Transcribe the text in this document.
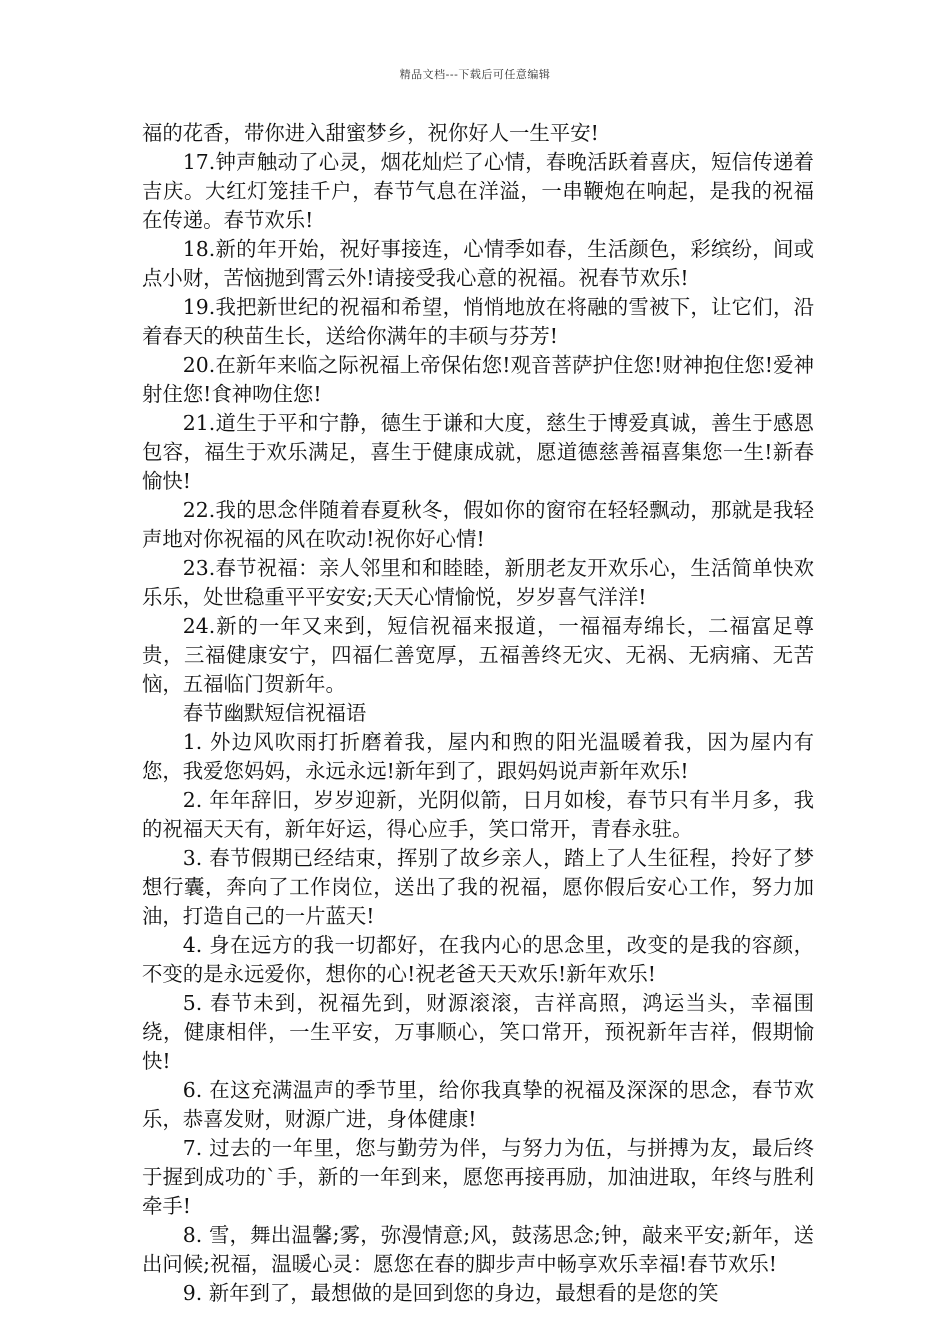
精品文档---下载后可任意编辑

福的花香，带你进入甜蜜梦乡，祝你好人一生平安!

17.钟声触动了心灵，烟花灿烂了心情，春晚活跃着喜庆，短信传递着吉庆。大红灯笼挂千户，春节气息在洋溢，一串鞭炮在响起，是我的祝福在传递。春节欢乐!

18.新的年开始，祝好事接连，心情季如春，生活颜色，彩缤纷，间或点小财，苦恼抛到霄云外!请接受我心意的祝福。祝春节欢乐!

19.我把新世纪的祝福和希望，悄悄地放在将融的雪被下，让它们，沿着春天的秧苗生长，送给你满年的丰硕与芬芳!

20.在新年来临之际祝福上帝保佑您!观音菩萨护住您!财神抱住您!爱神射住您!食神吻住您!

21.道生于平和宁静，德生于谦和大度，慈生于博爱真诚，善生于感恩包容，福生于欢乐满足，喜生于健康成就，愿道德慈善福喜集您一生!新春愉快!

22.我的思念伴随着春夏秋冬，假如你的窗帘在轻轻飘动，那就是我轻声地对你祝福的风在吹动!祝你好心情!

23.春节祝福：亲人邻里和和睦睦，新朋老友开欢乐心，生活简单快欢乐乐，处世稳重平平安安;天天心情愉悦，岁岁喜气洋洋!

24.新的一年又来到，短信祝福来报道，一福福寿绵长，二福富足尊贵，三福健康安宁，四福仁善宽厚，五福善终无灾、无祸、无病痛、无苦恼，五福临门贺新年。

春节幽默短信祝福语

1. 外边风吹雨打折磨着我，屋内和煦的阳光温暖着我，因为屋内有您，我爱您妈妈，永远永远!新年到了，跟妈妈说声新年欢乐!

2. 年年辞旧，岁岁迎新，光阴似箭，日月如梭，春节只有半月多，我的祝福天天有，新年好运，得心应手，笑口常开，青春永驻。

3. 春节假期已经结束，挥别了故乡亲人，踏上了人生征程，拎好了梦想行囊，奔向了工作岗位，送出了我的祝福，愿你假后安心工作，努力加油，打造自己的一片蓝天!

4. 身在远方的我一切都好，在我内心的思念里，改变的是我的容颜，不变的是永远爱你，想你的心!祝老爸天天欢乐!新年欢乐!

5. 春节未到，祝福先到，财源滚滚，吉祥高照，鸿运当头，幸福围绕，健康相伴，一生平安，万事顺心，笑口常开，预祝新年吉祥，假期愉快!

6. 在这充满温声的季节里，给你我真挚的祝福及深深的思念，春节欢乐，恭喜发财，财源广进，身体健康!

7. 过去的一年里，您与勤劳为伴，与努力为伍，与拼搏为友，最后终于握到成功的`手，新的一年到来，愿您再接再励，加油进取，年终与胜利牵手!

8. 雪，舞出温馨;雾，弥漫情意;风，鼓荡思念;钟，敲来平安;新年，送出问候;祝福，温暖心灵：愿您在春的脚步声中畅享欢乐幸福!春节欢乐!

9. 新年到了，最想做的是回到您的身边，最想看的是您的笑
